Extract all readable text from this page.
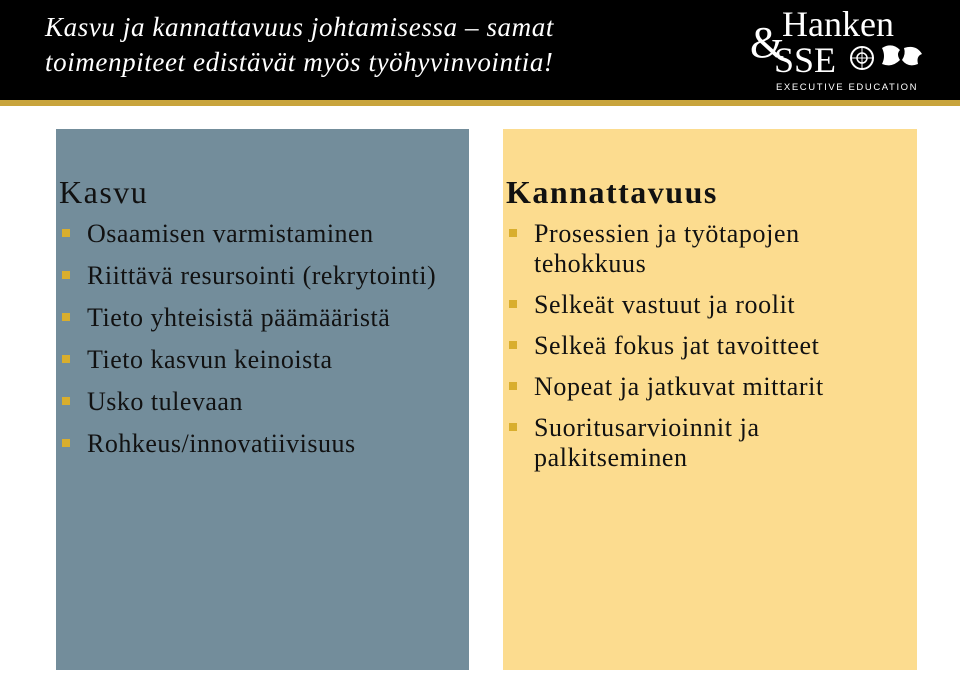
Kasvu ja kannattavuus johtamisessa – samat
toimenpiteet edistävät myös työhyvinvointia!	&
Hanken
SSE
EXECUTIVE EDUCATION
Kasvu
Osaamisen varmistaminen
Riittävä resursointi (rekrytointi)
Tieto yhteisistä päämääristä
Tieto kasvun keinoista
Usko tulevaan
Rohkeus/innovatiivisuus
Kannattavuus
Prosessien ja työtapojen tehokkuus
Selkeät vastuut ja roolit
Selkeä fokus jat tavoitteet
Nopeat ja jatkuvat mittarit
Suoritusarvioinnit ja palkitseminen
